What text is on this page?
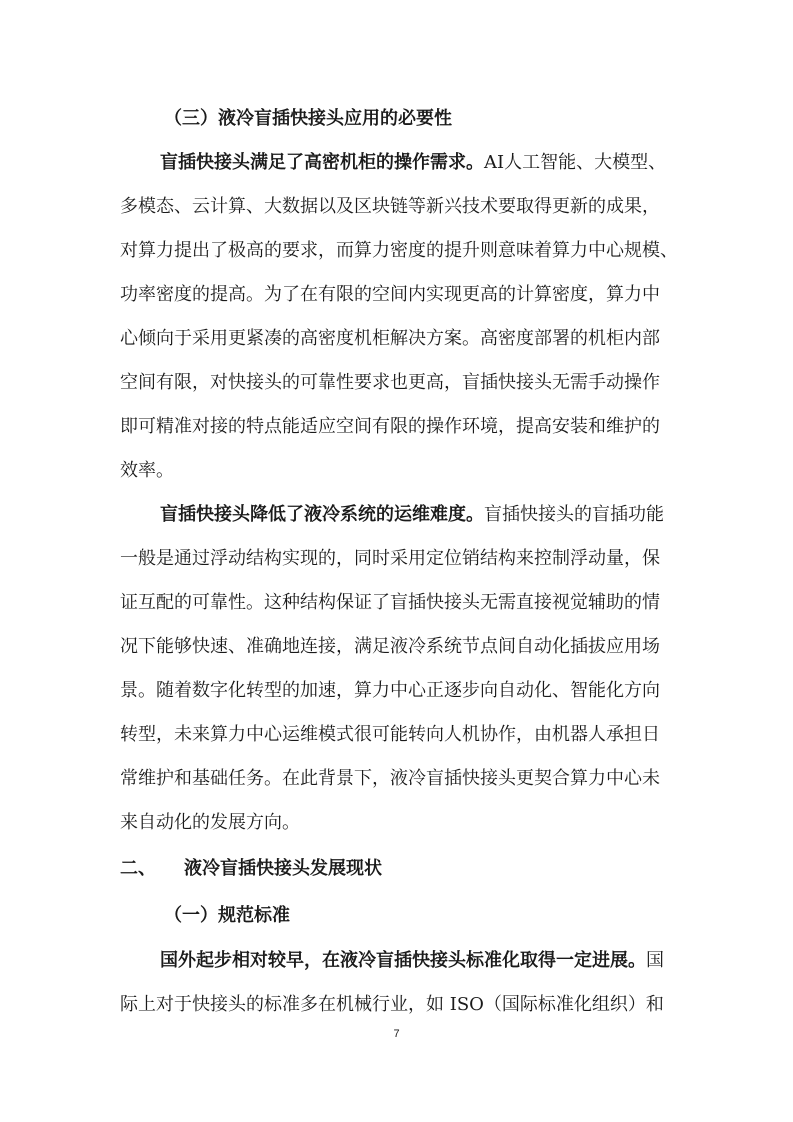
（三）液冷盲插快接头应用的必要性
盲插快接头满足了高密机柜的操作需求。AI人工智能、大模型、
多模态、云计算、大数据以及区块链等新兴技术要取得更新的成果，
对算力提出了极高的要求，而算力密度的提升则意味着算力中心规模、
功率密度的提高。为了在有限的空间内实现更高的计算密度，算力中
心倾向于采用更紧凑的高密度机柜解决方案。高密度部署的机柜内部
空间有限，对快接头的可靠性要求也更高，盲插快接头无需手动操作
即可精准对接的特点能适应空间有限的操作环境，提高安装和维护的
效率。
盲插快接头降低了液冷系统的运维难度。盲插快接头的盲插功能
一般是通过浮动结构实现的，同时采用定位销结构来控制浮动量，保
证互配的可靠性。这种结构保证了盲插快接头无需直接视觉辅助的情
况下能够快速、准确地连接，满足液冷系统节点间自动化插拔应用场
景。随着数字化转型的加速，算力中心正逐步向自动化、智能化方向
转型，未来算力中心运维模式很可能转向人机协作，由机器人承担日
常维护和基础任务。在此背景下，液冷盲插快接头更契合算力中心未
来自动化的发展方向。
二、 液冷盲插快接头发展现状
（一）规范标准
国外起步相对较早，在液冷盲插快接头标准化取得一定进展。国
际上对于快接头的标准多在机械行业，如 ISO（国际标准化组织）和
7
